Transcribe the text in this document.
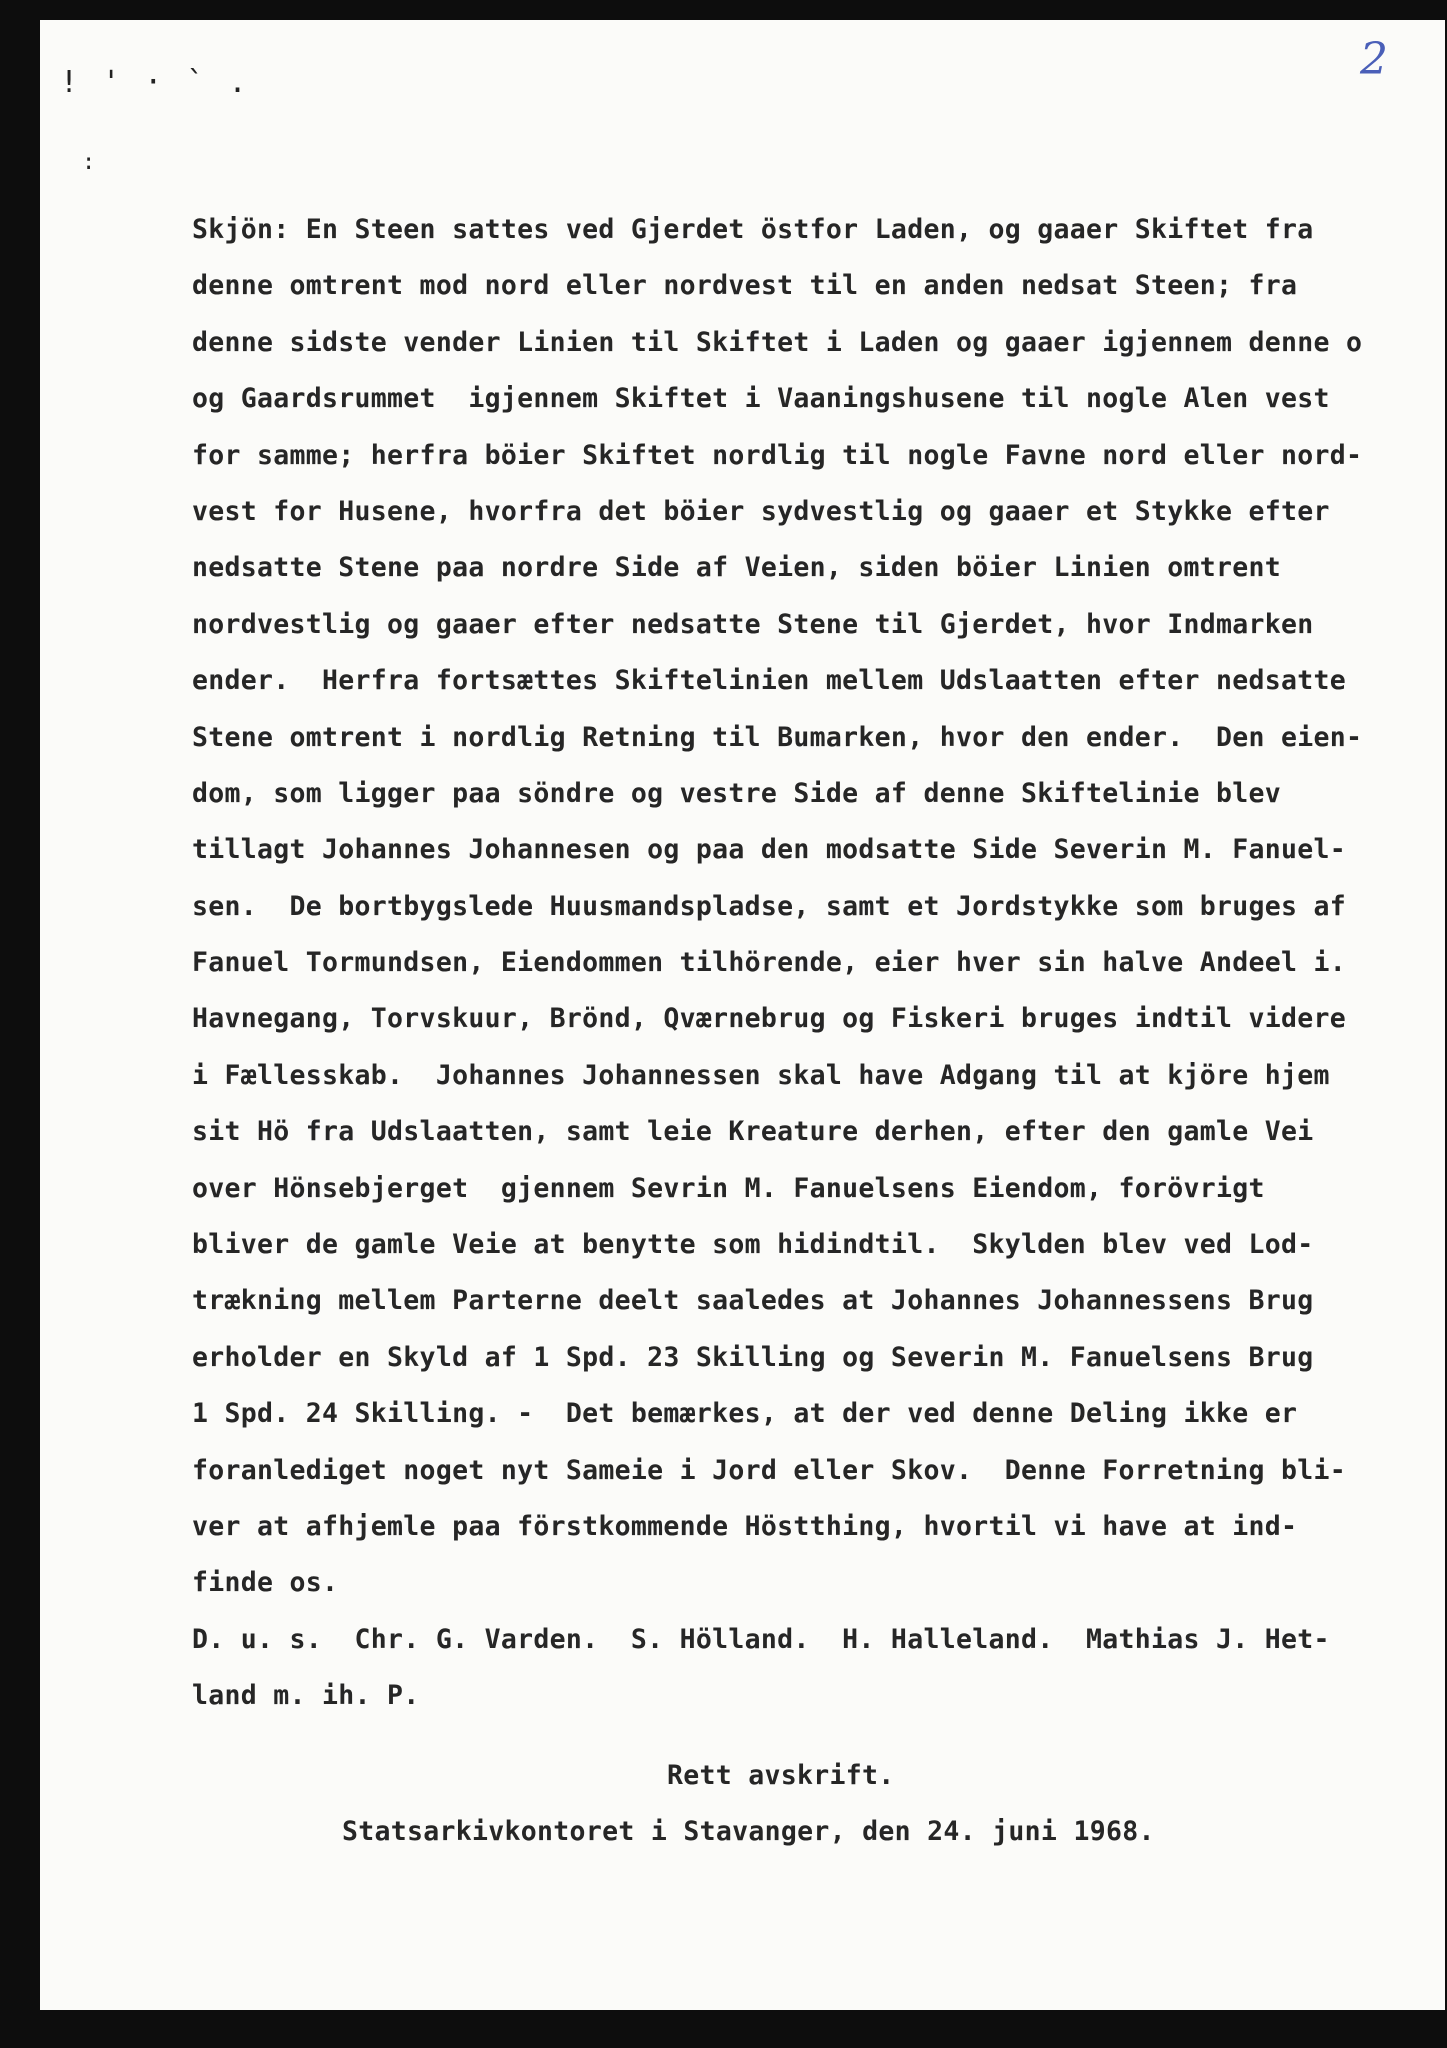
! ' · ` .
:
2
Skjön: En Steen sattes ved Gjerdet östfor Laden, og gaaer Skiftet fra
denne omtrent mod nord eller nordvest til en anden nedsat Steen; fra
denne sidste vender Linien til Skiftet i Laden og gaaer igjennem denne o
og Gaardsrummet  igjennem Skiftet i Vaaningshusene til nogle Alen vest
for samme; herfra böier Skiftet nordlig til nogle Favne nord eller nord-
vest for Husene, hvorfra det böier sydvestlig og gaaer et Stykke efter
nedsatte Stene paa nordre Side af Veien, siden böier Linien omtrent
nordvestlig og gaaer efter nedsatte Stene til Gjerdet, hvor Indmarken
ender.  Herfra fortsættes Skiftelinien mellem Udslaatten efter nedsatte
Stene omtrent i nordlig Retning til Bumarken, hvor den ender.  Den eien-
dom, som ligger paa söndre og vestre Side af denne Skiftelinie blev
tillagt Johannes Johannesen og paa den modsatte Side Severin M. Fanuel-
sen.  De bortbygslede Huusmandspladse, samt et Jordstykke som bruges af
Fanuel Tormundsen, Eiendommen tilhörende, eier hver sin halve Andeel i.
Havnegang, Torvskuur, Brönd, Qværnebrug og Fiskeri bruges indtil videre
i Fællesskab.  Johannes Johannessen skal have Adgang til at kjöre hjem
sit Hö fra Udslaatten, samt leie Kreature derhen, efter den gamle Vei
over Hönsebjerget  gjennem Sevrin M. Fanuelsens Eiendom, forövrigt
bliver de gamle Veie at benytte som hidindtil.  Skylden blev ved Lod-
trækning mellem Parterne deelt saaledes at Johannes Johannessens Brug
erholder en Skyld af 1 Spd. 23 Skilling og Severin M. Fanuelsens Brug
1 Spd. 24 Skilling. -  Det bemærkes, at der ved denne Deling ikke er
foranlediget noget nyt Sameie i Jord eller Skov.  Denne Forretning bli-
ver at afhjemle paa förstkommende Höstthing, hvortil vi have at ind-
finde os.
D. u. s.  Chr. G. Varden.  S. Hölland.  H. Halleland.  Mathias J. Het-
land m. ih. P.
Rett avskrift.
Statsarkivkontoret i Stavanger, den 24. juni 1968.
